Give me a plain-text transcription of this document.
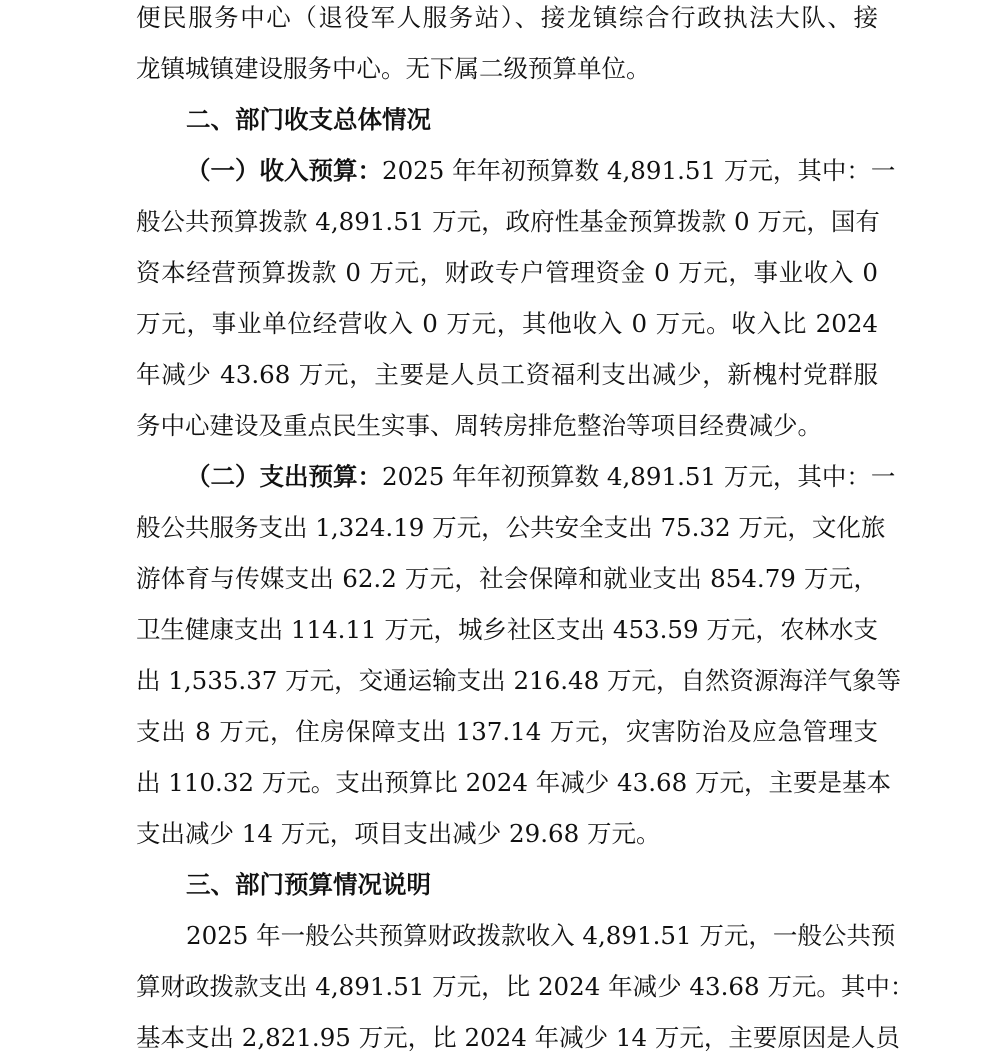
便民服务中心（退役军人服务站）、接龙镇综合行政执法大队、接
龙镇城镇建设服务中心。无下属二级预算单位。
二、部门收支总体情况
（一）收入预算：2025 年年初预算数 4,891.51 万元，其中：一
般公共预算拨款 4,891.51 万元，政府性基金预算拨款 0 万元，国有
资本经营预算拨款 0 万元，财政专户管理资金 0 万元，事业收入 0
万元，事业单位经营收入 0 万元，其他收入 0 万元。收入比 2024
年减少 43.68 万元，主要是人员工资福利支出减少，新槐村党群服
务中心建设及重点民生实事、周转房排危整治等项目经费减少。
（二）支出预算：2025 年年初预算数 4,891.51 万元，其中：一
般公共服务支出 1,324.19 万元，公共安全支出 75.32 万元，文化旅
游体育与传媒支出 62.2 万元，社会保障和就业支出 854.79 万元，
卫生健康支出 114.11 万元，城乡社区支出 453.59 万元，农林水支
出 1,535.37 万元，交通运输支出 216.48 万元，自然资源海洋气象等
支出 8 万元，住房保障支出 137.14 万元，灾害防治及应急管理支
出 110.32 万元。支出预算比 2024 年减少 43.68 万元，主要是基本
支出减少 14 万元，项目支出减少 29.68 万元。
三、部门预算情况说明
2025 年一般公共预算财政拨款收入 4,891.51 万元，一般公共预
算财政拨款支出 4,891.51 万元，比 2024 年减少 43.68 万元。其中：
基本支出 2,821.95 万元，比 2024 年减少 14 万元，主要原因是人员
